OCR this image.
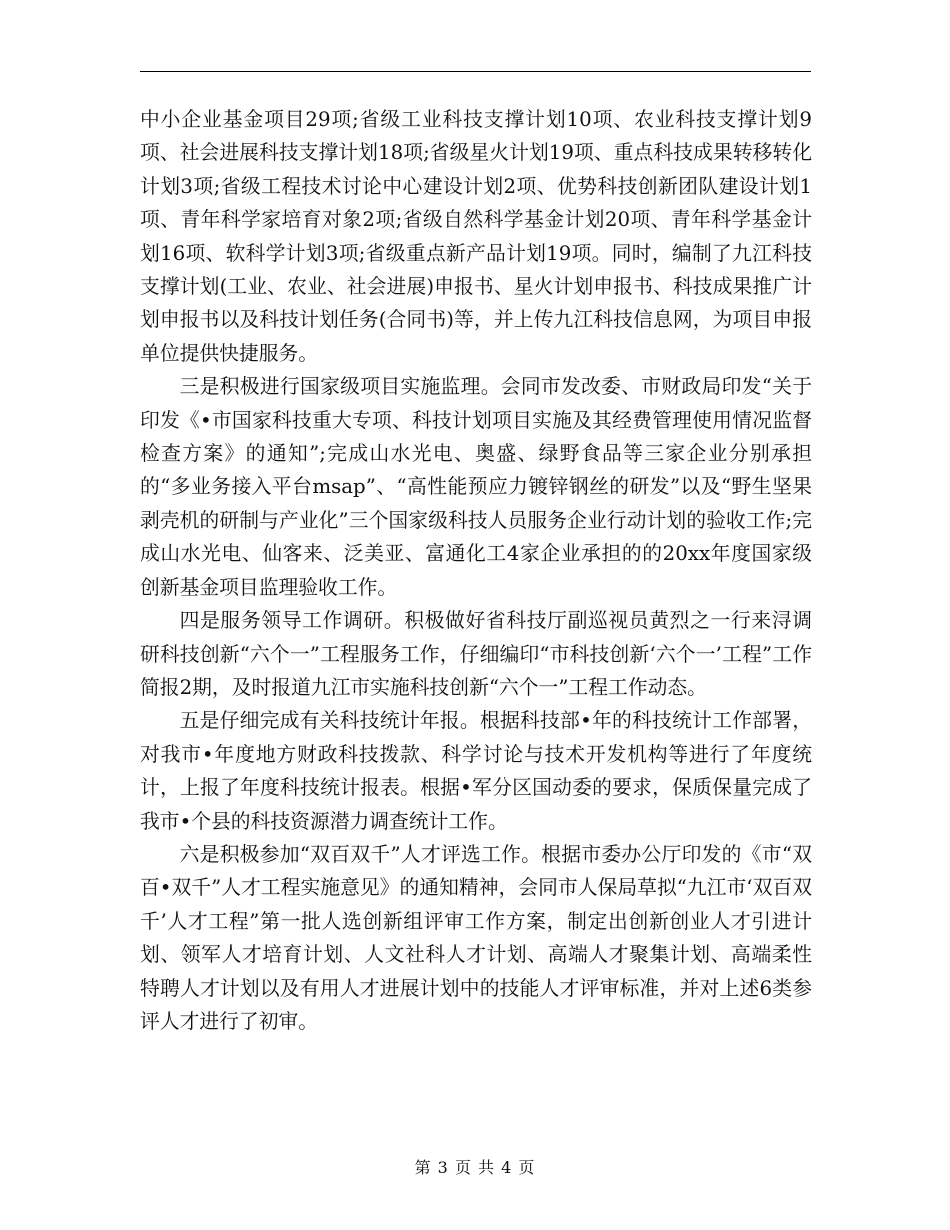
中小企业基金项目29项;省级工业科技支撑计划10项、农业科技支撑计划9项、社会进展科技支撑计划18项;省级星火计划19项、重点科技成果转移转化计划3项;省级工程技术讨论中心建设计划2项、优势科技创新团队建设计划1项、青年科学家培育对象2项;省级自然科学基金计划20项、青年科学基金计划16项、软科学计划3项;省级重点新产品计划19项。同时，编制了九江科技支撑计划(工业、农业、社会进展)申报书、星火计划申报书、科技成果推广计划申报书以及科技计划任务(合同书)等，并上传九江科技信息网，为项目申报单位提供快捷服务。

三是积极进行国家级项目实施监理。会同市发改委、市财政局印发“关于印发《•市国家科技重大专项、科技计划项目实施及其经费管理使用情况监督检查方案》的通知”;完成山水光电、奥盛、绿野食品等三家企业分别承担的“多业务接入平台msap”、“高性能预应力镀锌钢丝的研发”以及“野生坚果剥壳机的研制与产业化”三个国家级科技人员服务企业行动计划的验收工作;完成山水光电、仙客来、泛美亚、富通化工4家企业承担的的20xx年度国家级创新基金项目监理验收工作。

四是服务领导工作调研。积极做好省科技厅副巡视员黄烈之一行来浔调研科技创新“六个一”工程服务工作，仔细编印“市科技创新‘六个一’工程”工作简报2期，及时报道九江市实施科技创新“六个一”工程工作动态。

五是仔细完成有关科技统计年报。根据科技部•年的科技统计工作部署，对我市•年度地方财政科技拨款、科学讨论与技术开发机构等进行了年度统计，上报了年度科技统计报表。根据•军分区国动委的要求，保质保量完成了我市•个县的科技资源潜力调查统计工作。

六是积极参加“双百双千”人才评选工作。根据市委办公厅印发的《市“双百•双千”人才工程实施意见》的通知精神，会同市人保局草拟“九江市‘双百双千’人才工程”第一批人选创新组评审工作方案，制定出创新创业人才引进计划、领军人才培育计划、人文社科人才计划、高端人才聚集计划、高端柔性特聘人才计划以及有用人才进展计划中的技能人才评审标准，并对上述6类参评人才进行了初审。

第 3 页 共 4 页
